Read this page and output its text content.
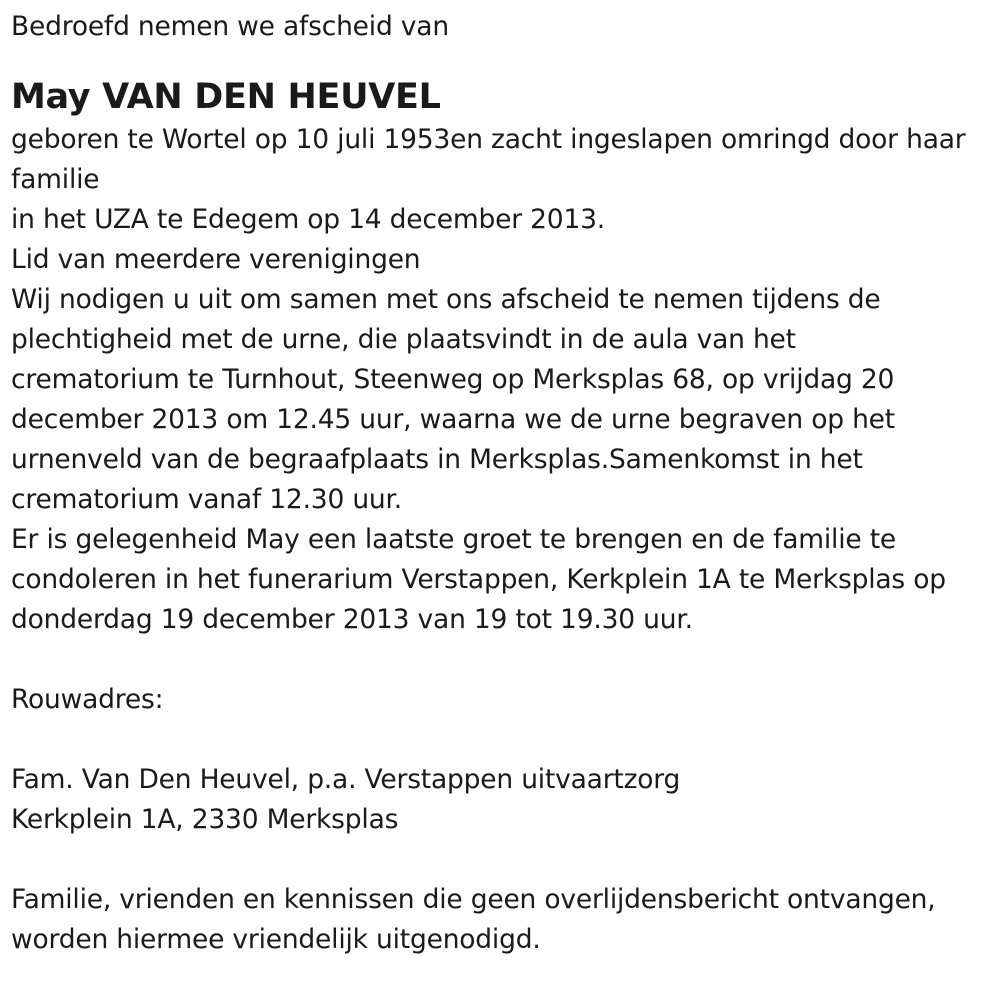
Bedroefd nemen we afscheid van
May VAN DEN HEUVEL
geboren te Wortel op 10 juli 1953en zacht ingeslapen omringd door haar
familie
in het UZA te Edegem op 14 december 2013.
Lid van meerdere verenigingen
Wij nodigen u uit om samen met ons afscheid te nemen tijdens de
plechtigheid met de urne, die plaatsvindt in de aula van het
crematorium te Turnhout, Steenweg op Merksplas 68, op vrijdag 20
december 2013 om 12.45 uur, waarna we de urne begraven op het
urnenveld van de begraafplaats in Merksplas.Samenkomst in het
crematorium vanaf 12.30 uur.
Er is gelegenheid May een laatste groet te brengen en de familie te
condoleren in het funerarium Verstappen, Kerkplein 1A te Merksplas op
donderdag 19 december 2013 van 19 tot 19.30 uur.
Rouwadres:
Fam. Van Den Heuvel, p.a. Verstappen uitvaartzorg
Kerkplein 1A, 2330 Merksplas
Familie, vrienden en kennissen die geen overlijdensbericht ontvangen,
worden hiermee vriendelijk uitgenodigd.
